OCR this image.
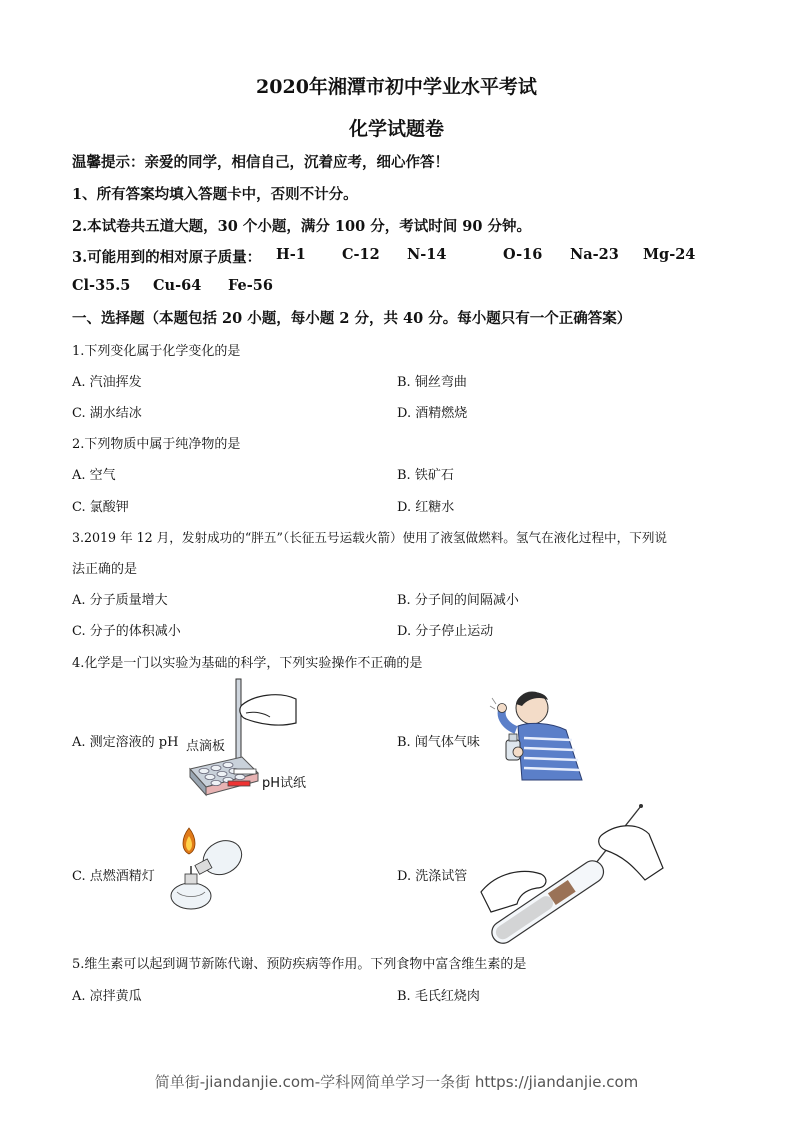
2020年湘潭市初中学业水平考试
化学试题卷
温馨提示：亲爱的同学，相信自己，沉着应考，细心作答！
1、所有答案均填入答题卡中，否则不计分。
2.本试卷共五道大题，30 个小题，满分 100 分，考试时间 90 分钟。
3.可能用到的相对原子质量： H-1 C-12 N-14	O-16 Na-23 Mg-24
Cl-35.5 Cu-64 Fe-56
一、选择题（本题包括 20 小题，每小题 2 分，共 40 分。每小题只有一个正确答案）
1.下列变化属于化学变化的是
A. 汽油挥发	B. 铜丝弯曲
C. 湖水结冰	D. 酒精燃烧
2.下列物质中属于纯净物的是
A. 空气	B. 铁矿石
C. 氯酸钾	D. 红糖水
3.2019 年 12 月，发射成功的“胖五”（长征五号运载火箭）使用了液氢做燃料。氢气在液化过程中，下列说
法正确的是
A. 分子质量增大	B. 分子间的间隔减小
C. 分子的体积减小	D. 分子停止运动
4.化学是一门以实验为基础的科学，下列实验操作不正确的是
A. 测定溶液的 pH	B. 闻气体气味
C. 点燃酒精灯	D. 洗涤试管
点滴板
pH试纸
5.维生素可以起到调节新陈代谢、预防疾病等作用。下列食物中富含维生素的是
A. 凉拌黄瓜	B. 毛氏红烧肉
简单街-jiandanjie.com-学科网简单学习一条街 https://jiandanjie.com
